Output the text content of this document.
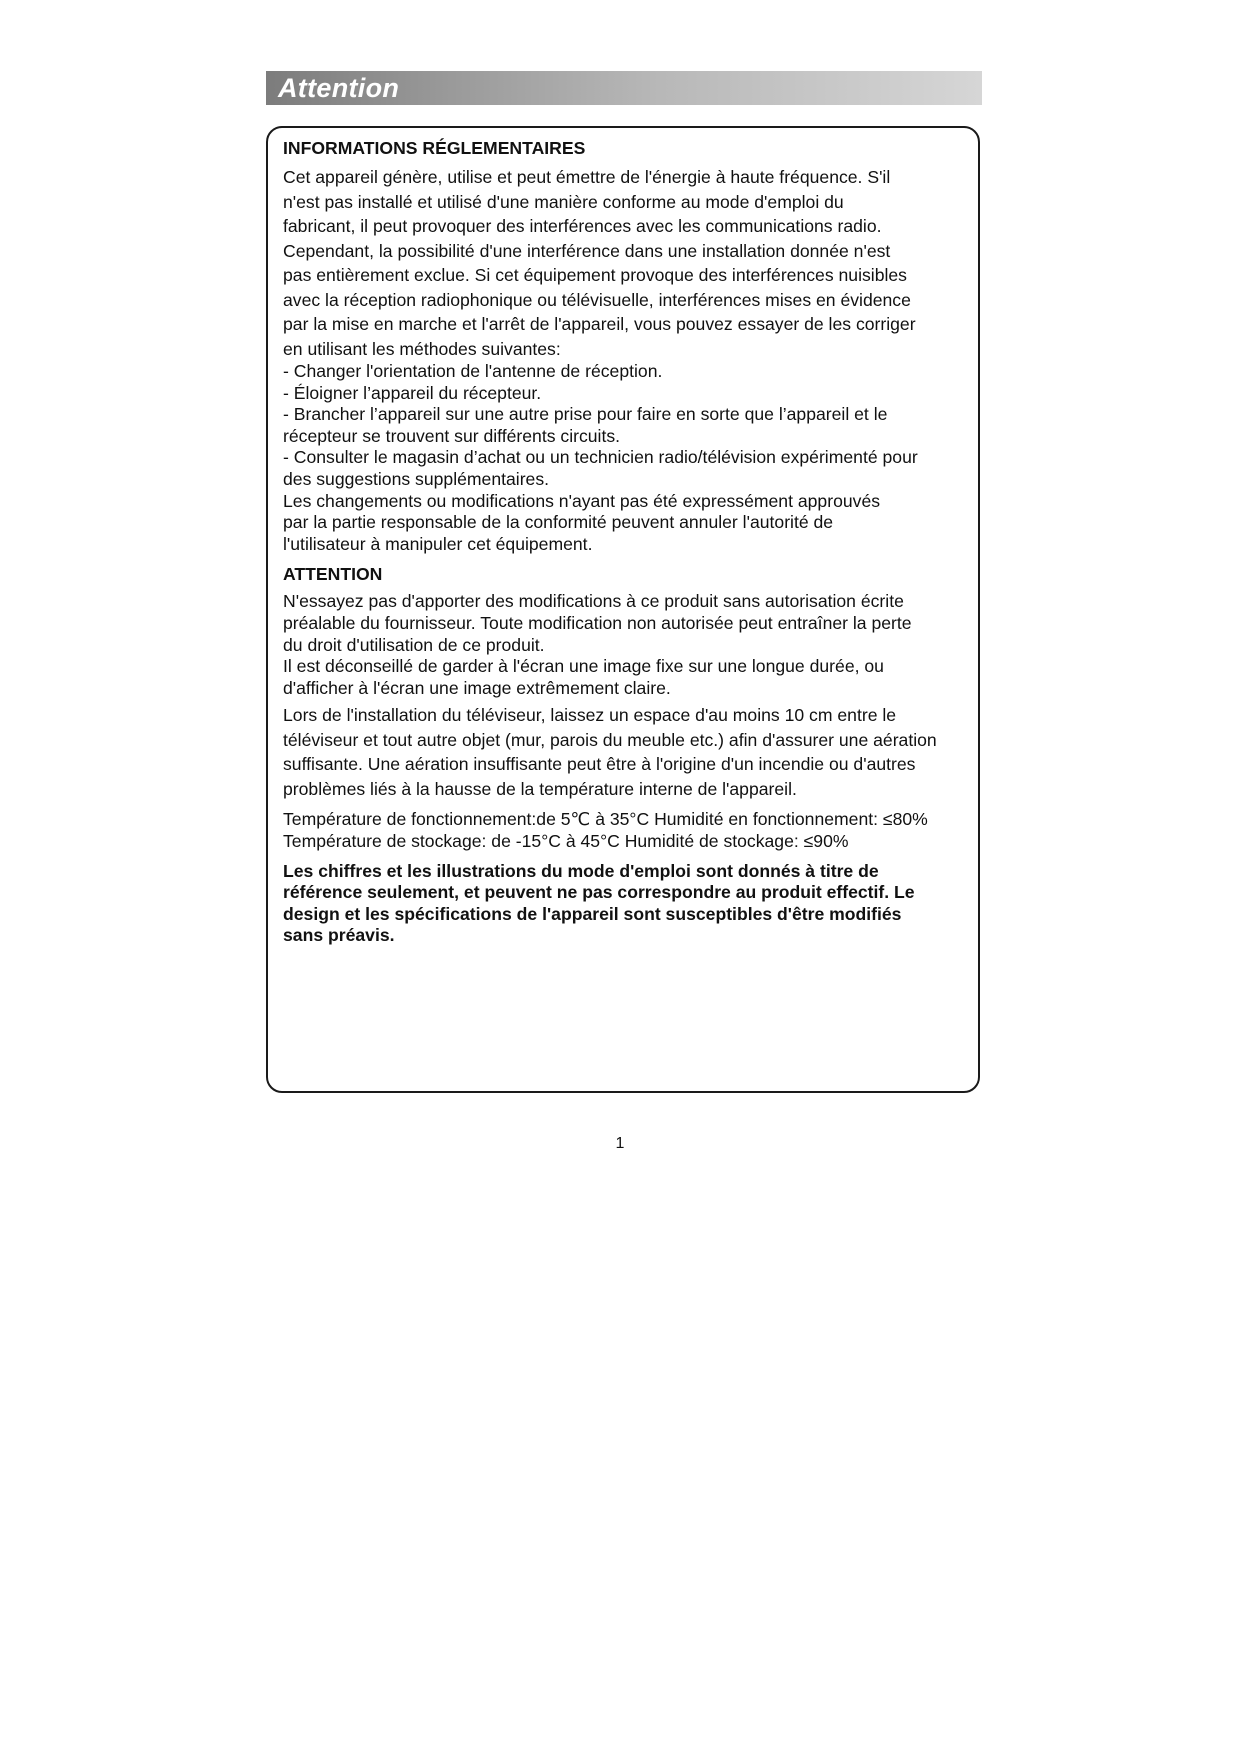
Attention
INFORMATIONS RÉGLEMENTAIRES
Cet appareil génère, utilise et peut émettre de l'énergie à haute fréquence. S'il
n'est pas installé et utilisé d'une manière conforme au mode d'emploi du
fabricant, il peut provoquer des interférences avec les communications radio.
Cependant, la possibilité d'une interférence dans une installation donnée n'est
pas entièrement exclue. Si cet équipement provoque des interférences nuisibles
avec la réception radiophonique ou télévisuelle, interférences mises en évidence
par la mise en marche et l'arrêt de l'appareil, vous pouvez essayer de les corriger
en utilisant les méthodes suivantes:
- Changer l'orientation de l'antenne de réception.
- Éloigner l’appareil du récepteur.
- Brancher l’appareil sur une autre prise pour faire en sorte que l’appareil et le
récepteur se trouvent sur différents circuits.
- Consulter le magasin d’achat ou un technicien radio/télévision expérimenté pour
des suggestions supplémentaires.
Les changements ou modifications n'ayant pas été expressément approuvés
par la partie responsable de la conformité peuvent annuler l'autorité de
l'utilisateur à manipuler cet équipement.
ATTENTION
N'essayez pas d'apporter des modifications à ce produit sans autorisation écrite
préalable du fournisseur. Toute modification non autorisée peut entraîner la perte
du droit d'utilisation de ce produit.
Il est déconseillé de garder à l'écran une image fixe sur une longue durée, ou
d'afficher à l'écran une image extrêmement claire.
Lors de l'installation du téléviseur, laissez un espace d'au moins 10 cm entre le
téléviseur et tout autre objet (mur, parois du meuble etc.) afin d'assurer une aération
suffisante. Une aération insuffisante peut être à l'origine d'un incendie ou d'autres
problèmes liés à la hausse de la température interne de l'appareil.
Température de fonctionnement:de 5℃ à 35°C Humidité en fonctionnement: ≤80%
Température de stockage: de -15°C à 45°C Humidité de stockage: ≤90%
Les chiffres et les illustrations du mode d'emploi sont donnés à titre de
référence seulement, et peuvent ne pas correspondre au produit effectif. Le
design et les spécifications de l'appareil sont susceptibles d'être modifiés
sans préavis.
1
